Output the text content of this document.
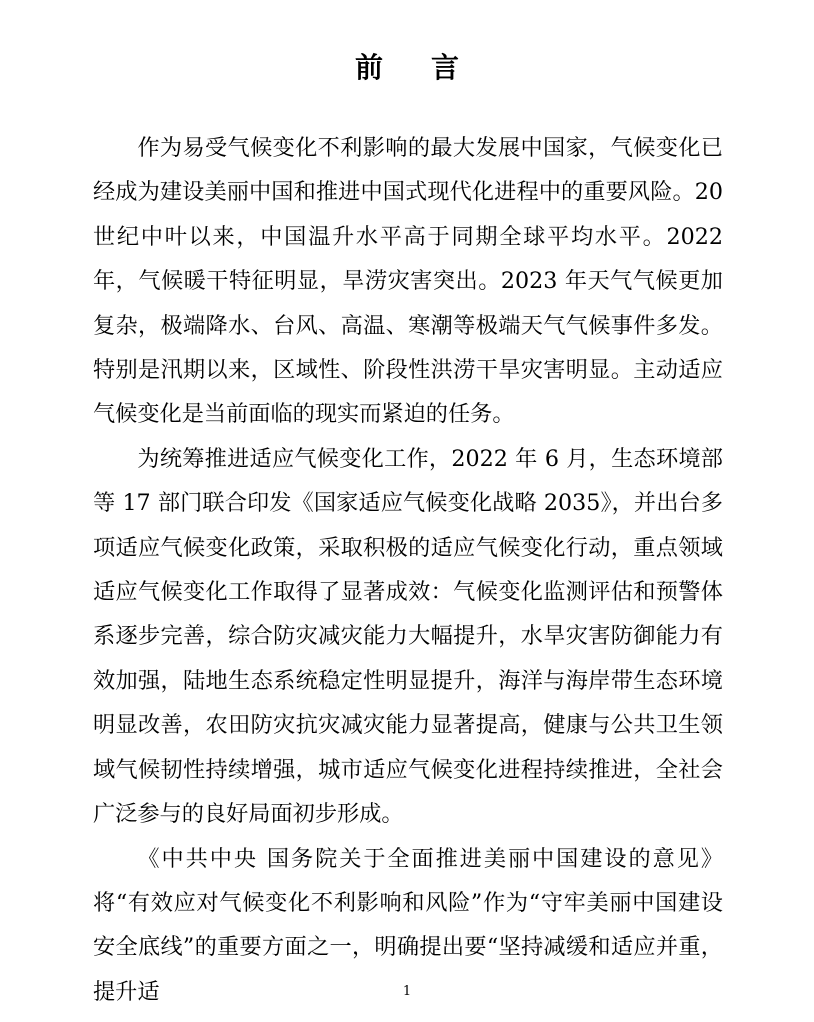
前言

作为易受气候变化不利影响的最大发展中国家，气候变化已经成为建设美丽中国和推进中国式现代化进程中的重要风险。20 世纪中叶以来，中国温升水平高于同期全球平均水平。2022 年，气候暖干特征明显，旱涝灾害突出。2023 年天气气候更加复杂，极端降水、台风、高温、寒潮等极端天气气候事件多发。特别是汛期以来，区域性、阶段性洪涝干旱灾害明显。主动适应气候变化是当前面临的现实而紧迫的任务。

为统筹推进适应气候变化工作，2022 年 6 月，生态环境部等 17 部门联合印发《国家适应气候变化战略 2035》，并出台多项适应气候变化政策，采取积极的适应气候变化行动，重点领域适应气候变化工作取得了显著成效：气候变化监测评估和预警体系逐步完善，综合防灾减灾能力大幅提升，水旱灾害防御能力有效加强，陆地生态系统稳定性明显提升，海洋与海岸带生态环境明显改善，农田防灾抗灾减灾能力显著提高，健康与公共卫生领域气候韧性持续增强，城市适应气候变化进程持续推进，全社会广泛参与的良好局面初步形成。

《中共中央 国务院关于全面推进美丽中国建设的意见》将“有效应对气候变化不利影响和风险”作为“守牢美丽中国建设安全底线”的重要方面之一，明确提出要“坚持减缓和适应并重，提升适	1
